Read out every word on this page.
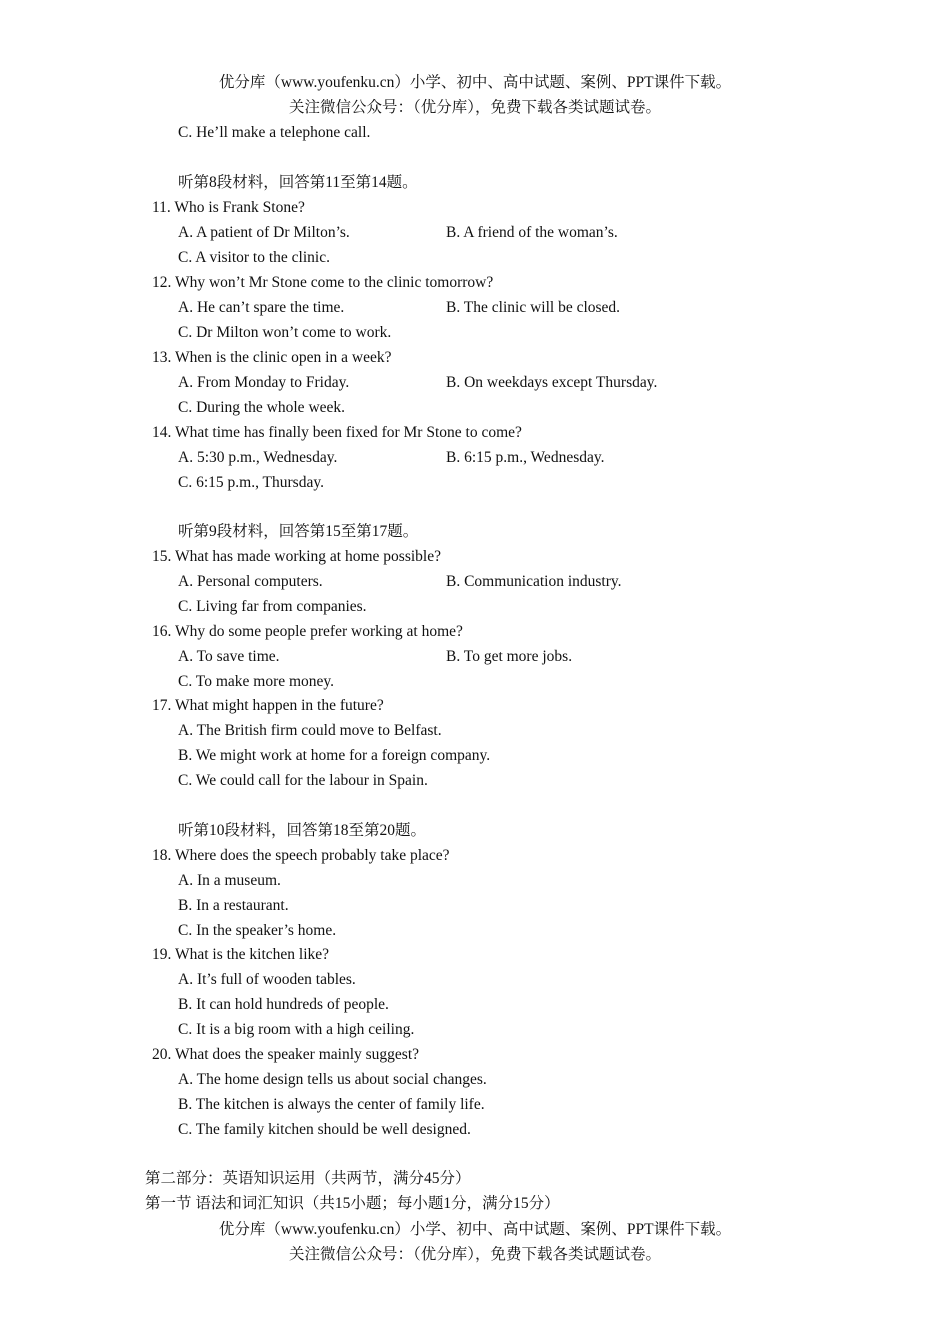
优分库（www.youfenku.cn）小学、初中、高中试题、案例、PPT课件下载。
关注微信公众号：（优分库），免费下载各类试题试卷。
C. He’ll make a telephone call.
听第8段材料，回答第11至第14题。
11. Who is Frank Stone?
A. A patient of Dr Milton’s.	B. A friend of the woman’s.
C. A visitor to the clinic.
12. Why won’t Mr Stone come to the clinic tomorrow?
A. He can’t spare the time.	B. The clinic will be closed.
C. Dr Milton won’t come to work.
13. When is the clinic open in a week?
A. From Monday to Friday.	B. On weekdays except Thursday.
C. During the whole week.
14. What time has finally been fixed for Mr Stone to come?
A. 5:30 p.m., Wednesday.	B. 6:15 p.m., Wednesday.
C. 6:15 p.m., Thursday.
听第9段材料，回答第15至第17题。
15. What has made working at home possible?
A. Personal computers.	B. Communication industry.
C. Living far from companies.
16. Why do some people prefer working at home?
A. To save time.	B. To get more jobs.
C. To make more money.
17. What might happen in the future?
A. The British firm could move to Belfast.
B. We might work at home for a foreign company.
C. We could call for the labour in Spain.
听第10段材料，回答第18至第20题。
18. Where does the speech probably take place?
A. In a museum.
B. In a restaurant.
C. In the speaker’s home.
19. What is the kitchen like?
A. It’s full of wooden tables.
B. It can hold hundreds of people.
C. It is a big room with a high ceiling.
20. What does the speaker mainly suggest?
A. The home design tells us about social changes.
B. The kitchen is always the center of family life.
C. The family kitchen should be well designed.
第二部分：英语知识运用（共两节，满分45分）
第一节 语法和词汇知识（共15小题；每小题1分，满分15分）
优分库（www.youfenku.cn）小学、初中、高中试题、案例、PPT课件下载。
关注微信公众号：（优分库），免费下载各类试题试卷。
